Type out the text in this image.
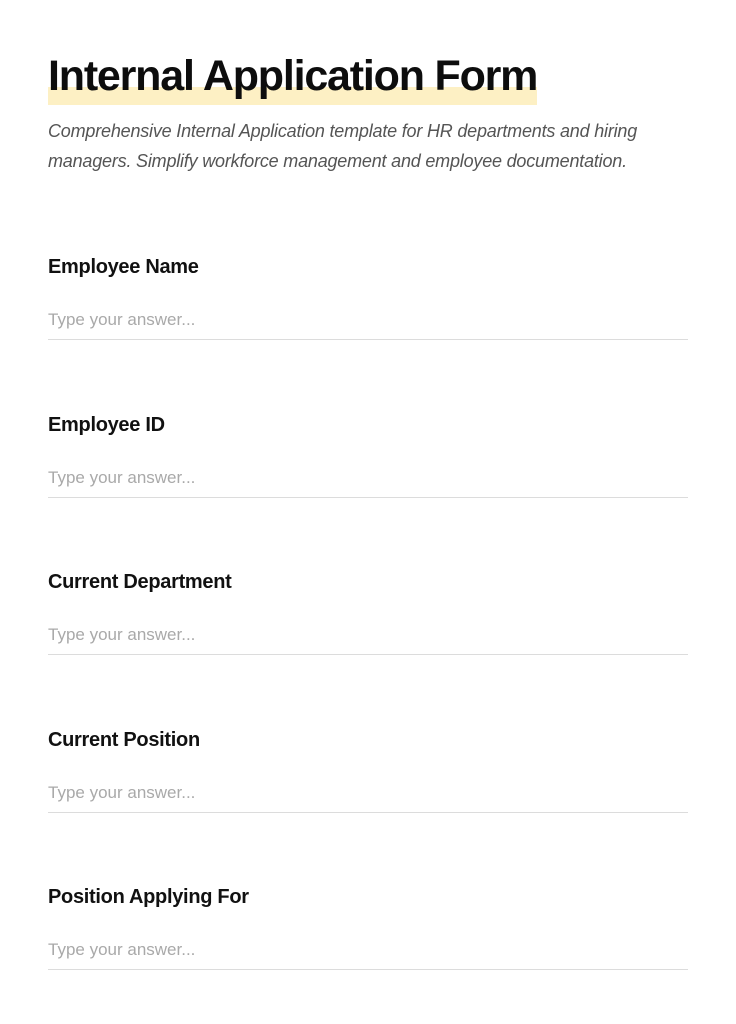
Internal Application Form

Comprehensive Internal Application template for HR departments and hiring managers. Simplify workforce management and employee documentation.

Employee Name
Type your answer...
Employee ID
Type your answer...
Current Department
Type your answer...
Current Position
Type your answer...
Position Applying For
Type your answer...
